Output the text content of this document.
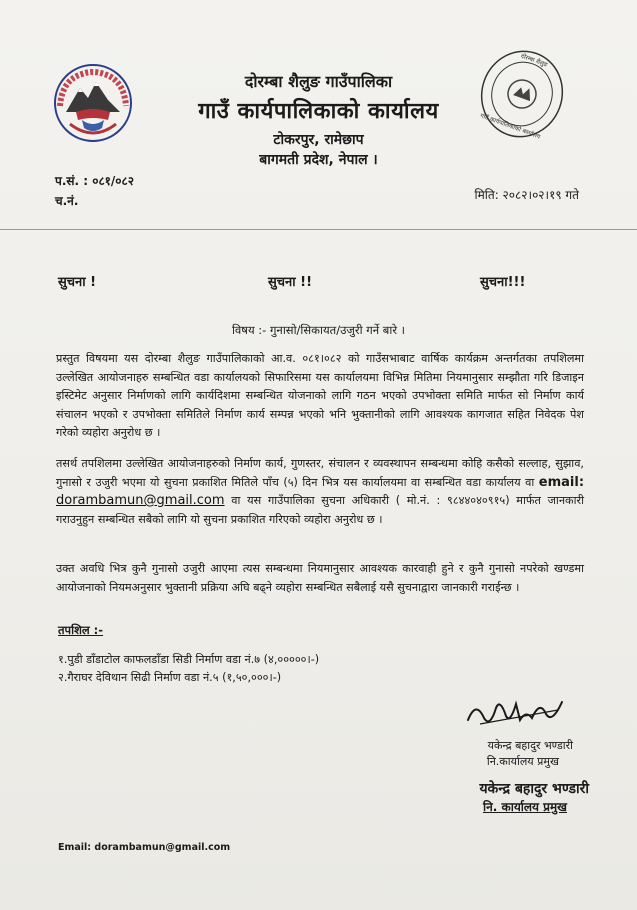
दोरम्बा शैलुङ
गाउँ कार्यपालिकाको कार्यालय
दोरम्बा शैलुङ गाउँपालिका
गाउँ कार्यपालिकाको कार्यालय
टोकरपुर, रामेछाप
बागमती प्रदेश, नेपाल ।
प.सं. : ०८१/०८२
च.नं.	मिति: २०८२।०२।१९ गते
सुचना !	सुचना !!	सुचना!!!
विषय :- गुनासो/सिकायत/उजुरी गर्ने बारे ।
प्रस्तुत विषयमा यस दोरम्बा शैलुङ गाउँपालिकाको आ.व. ०८१।०८२ को गाउँसभाबाट वार्षिक कार्यक्रम अन्तर्गतका तपशिलमा उल्लेखित आयोजनाहरु सम्बन्धित वडा कार्यालयको सिफारिसमा यस कार्यालयमा विभिन्न मितिमा नियमानुसार सम्झौता गरि डिजाइन इस्टिमेट अनुसार निर्माणको लागि कार्यदिशमा सम्बन्धित योजनाको लागि गठन भएको उपभोक्ता समिति मार्फत सो निर्माण कार्य संचालन भएको र उपभोक्ता समितिले निर्माण कार्य सम्पन्न भएको भनि भुक्तानीको लागि आवश्यक कागजात सहित निवेदक पेश गरेको व्यहोरा अनुरोध छ ।
तसर्थ तपशिलमा उल्लेखित आयोजनाहरुको निर्माण कार्य, गुणस्तर, संचालन र व्यवस्थापन सम्बन्धमा कोहि कसैको सल्लाह, सुझाव, गुनासो र उजुरी भएमा यो सुचना प्रकाशित मितिले पाँच (५) दिन भित्र यस कार्यालयमा वा सम्बन्धित वडा कार्यालय वा email: dorambamun@gmail.com वा यस गाउँपालिका सुचना अधिकारी ( मो.नं. : ९८४४०४०९१५) मार्फत जानकारी गराउनुहुन सम्बन्धित सबैको लागि यो सुचना प्रकाशित गरिएको व्यहोरा अनुरोध छ ।
उक्त अवधि भित्र कुनै गुनासो उजुरी आएमा त्यस सम्बन्धमा नियमानुसार आवश्यक कारवाही हुने र कुनै गुनासो नपरेको खण्डमा आयोजनाको नियमअनुसार भुक्तानी प्रक्रिया अघि बढ्ने व्यहोरा सम्बन्धित सबैलाई यसै सुचनाद्वारा जानकारी गराईन्छ ।
तपशिल :-
१.पुडी डाँडाटोल काफलडाँडा सिडी निर्माण वडा नं.७ (४,०००००।-)
२.गैराघर देविथान सिढी निर्माण वडा नं.५ (१,५०,०००।-)
यकेन्द्र बहादुर भण्डारी
नि.कार्यालय प्रमुख
यकेन्द्र बहादुर भण्डारी
नि. कार्यालय प्रमुख
Email: dorambamun@gmail.com
